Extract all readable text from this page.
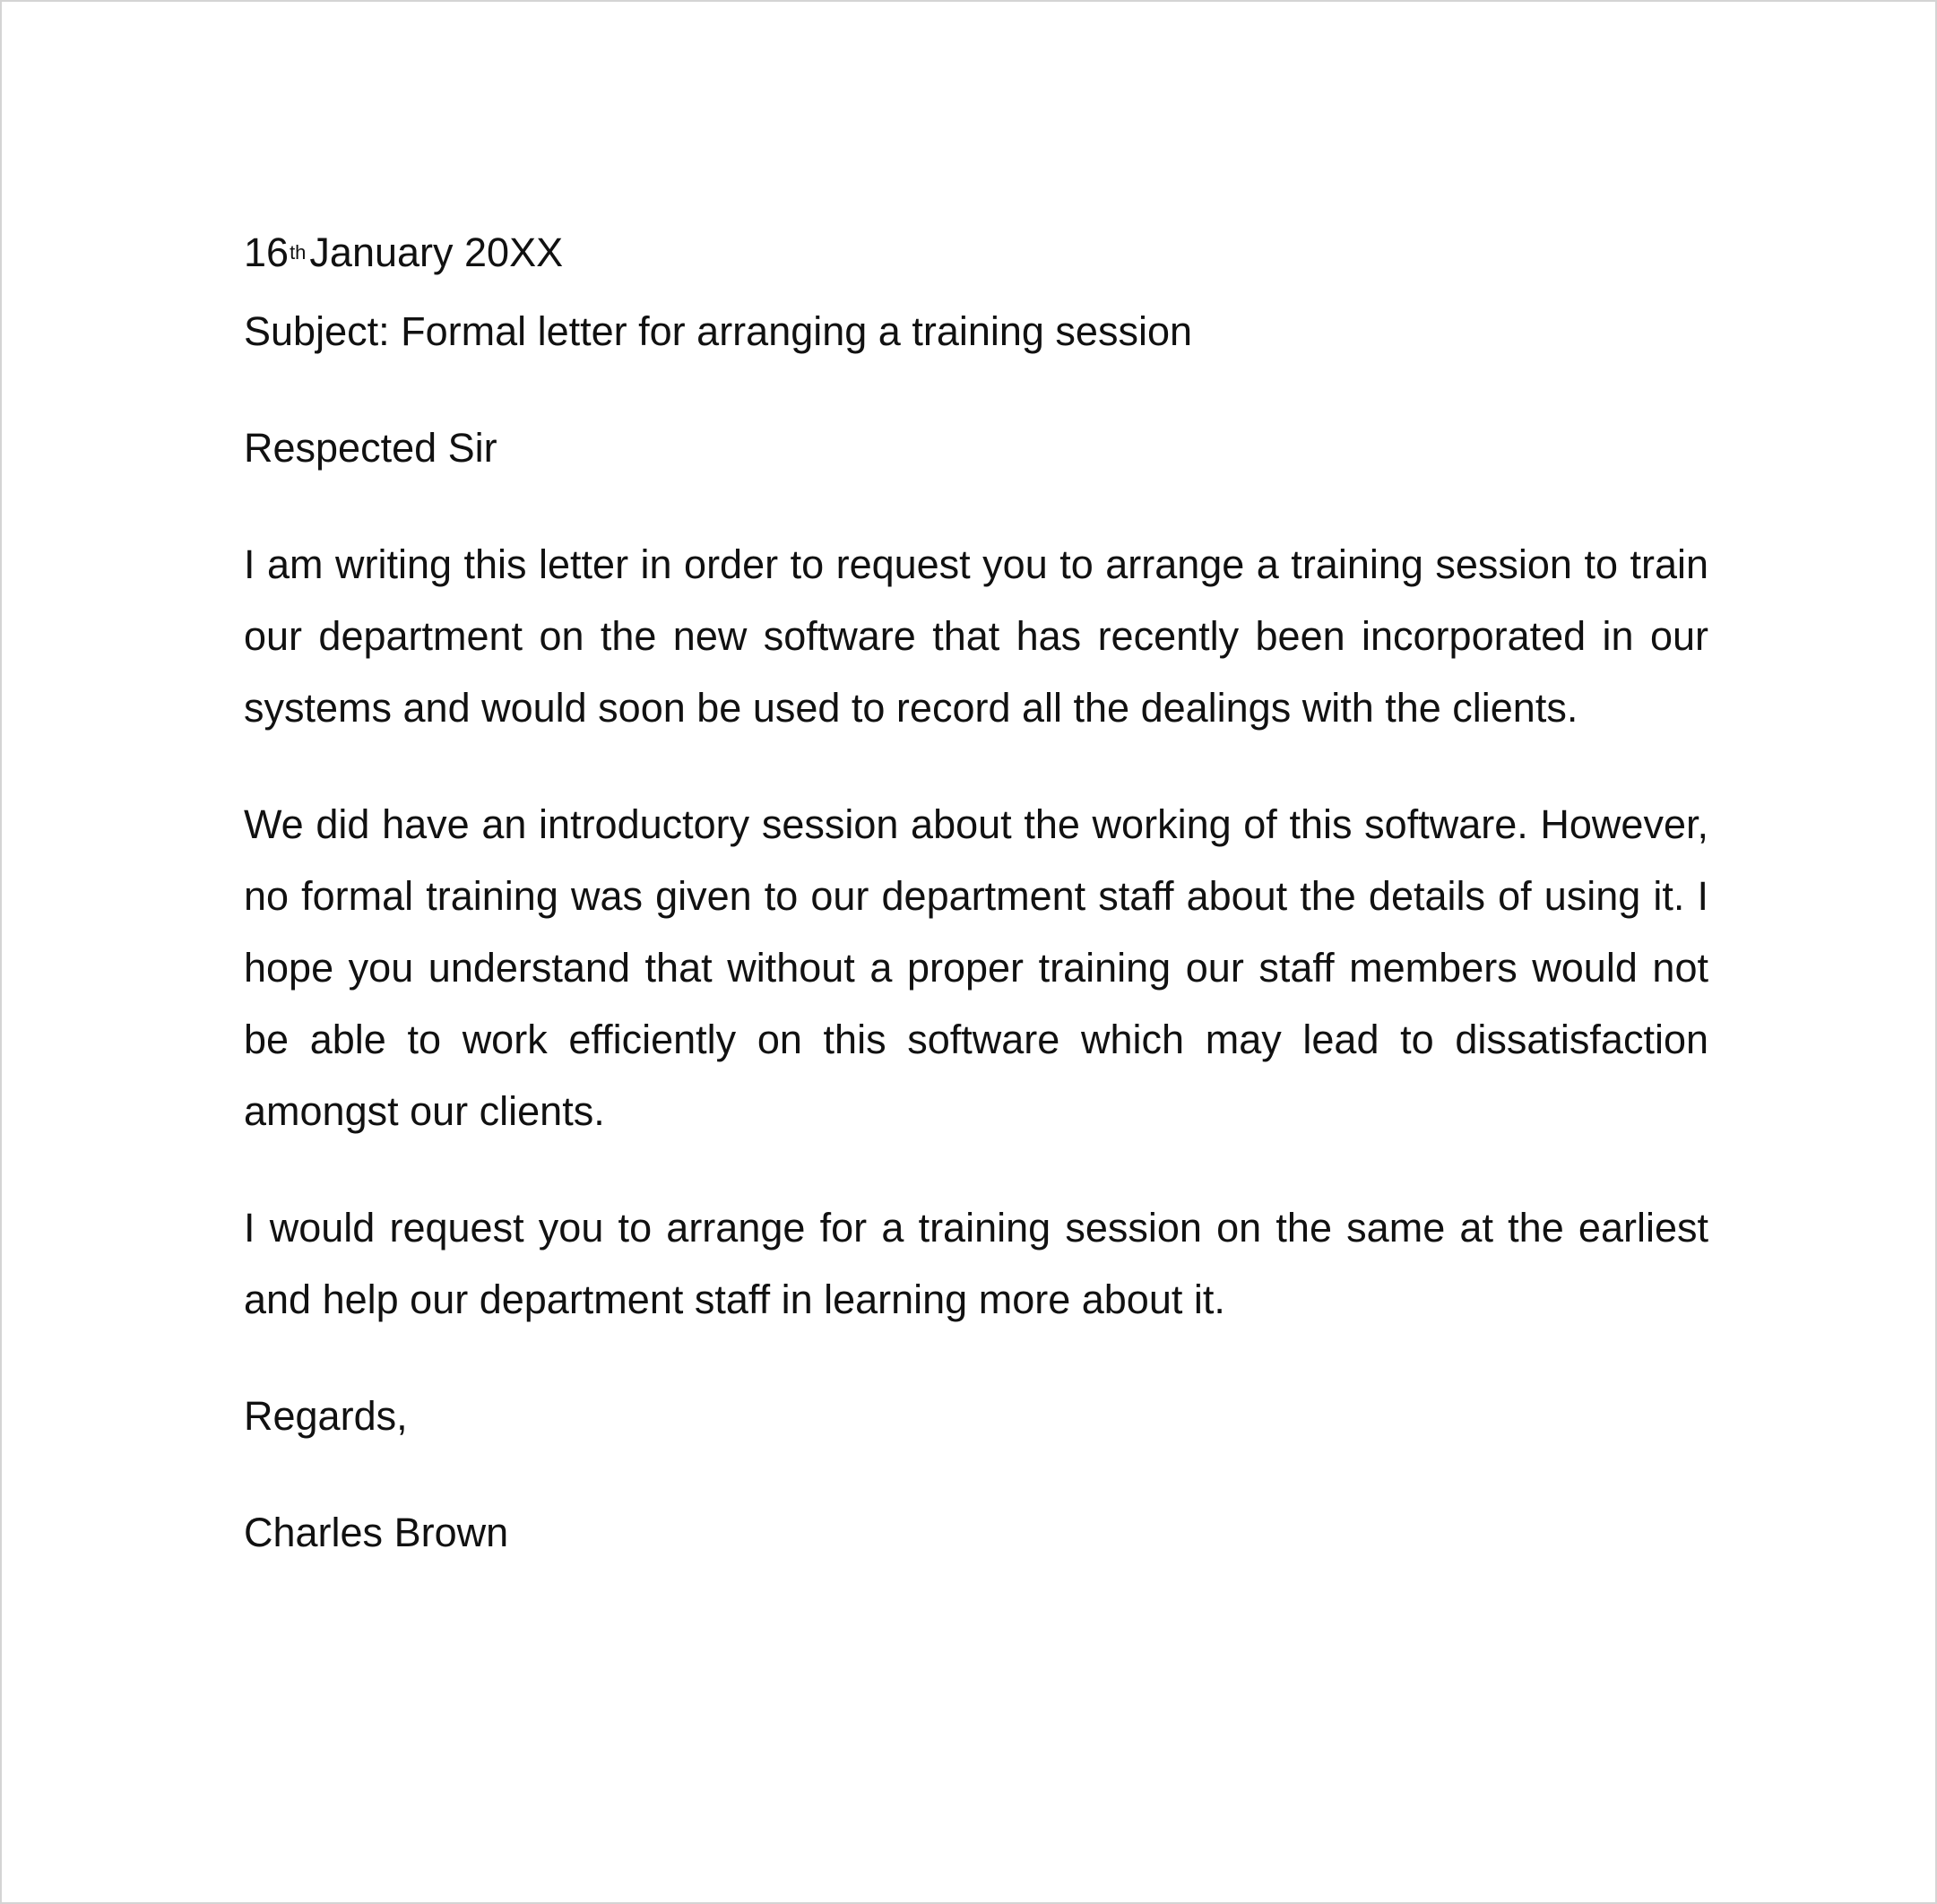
16thJanuary 20XX

Subject: Formal letter for arranging a training session

Respected Sir

I am writing this letter in order to request you to arrange a training session to train our department on the new software that has recently been incorporated in our systems and would soon be used to record all the dealings with the clients.

We did have an introductory session about the working of this software. However, no formal training was given to our department staff about the details of using it. I hope you understand that without a proper training our staff members would not be able to work efficiently on this software which may lead to dissatisfaction amongst our clients.

I would request you to arrange for a training session on the same at the earliest and help our department staff in learning more about it.

Regards,

Charles Brown
